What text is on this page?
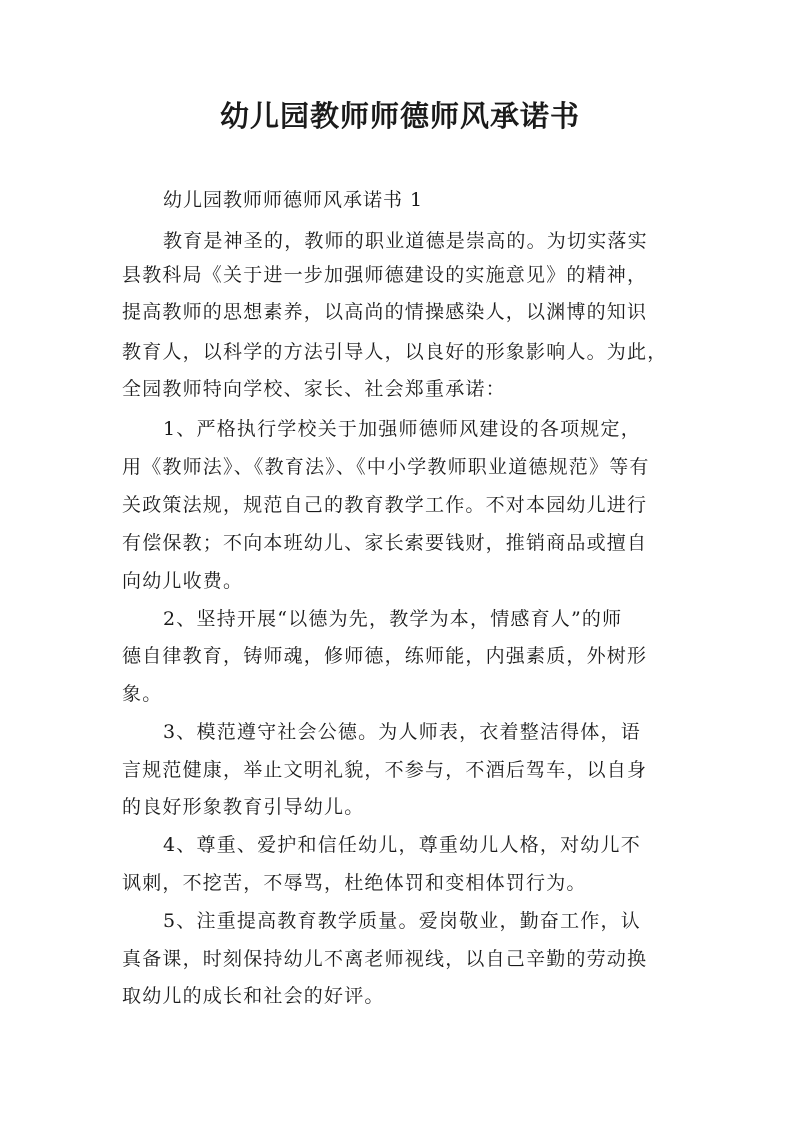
幼儿园教师师德师风承诺书
幼儿园教师师德师风承诺书 1
教育是神圣的，教师的职业道德是崇高的。为切实落实
县教科局《关于进一步加强师德建设的实施意见》的精神，
提高教师的思想素养，以高尚的情操感染人，以渊博的知识
教育人，以科学的方法引导人，以良好的形象影响人。为此，
全园教师特向学校、家长、社会郑重承诺：
1、严格执行学校关于加强师德师风建设的各项规定，
用《教师法》、《教育法》、《中小学教师职业道德规范》等有
关政策法规，规范自己的教育教学工作。不对本园幼儿进行
有偿保教；不向本班幼儿、家长索要钱财，推销商品或擅自
向幼儿收费。
2、坚持开展“以德为先，教学为本，情感育人”的师
德自律教育，铸师魂，修师德，练师能，内强素质，外树形
象。
3、模范遵守社会公德。为人师表，衣着整洁得体，语
言规范健康，举止文明礼貌，不参与，不酒后驾车，以自身
的良好形象教育引导幼儿。
4、尊重、爱护和信任幼儿，尊重幼儿人格，对幼儿不
讽刺，不挖苦，不辱骂，杜绝体罚和变相体罚行为。
5、注重提高教育教学质量。爱岗敬业，勤奋工作，认
真备课，时刻保持幼儿不离老师视线，以自己辛勤的劳动换
取幼儿的成长和社会的好评。
